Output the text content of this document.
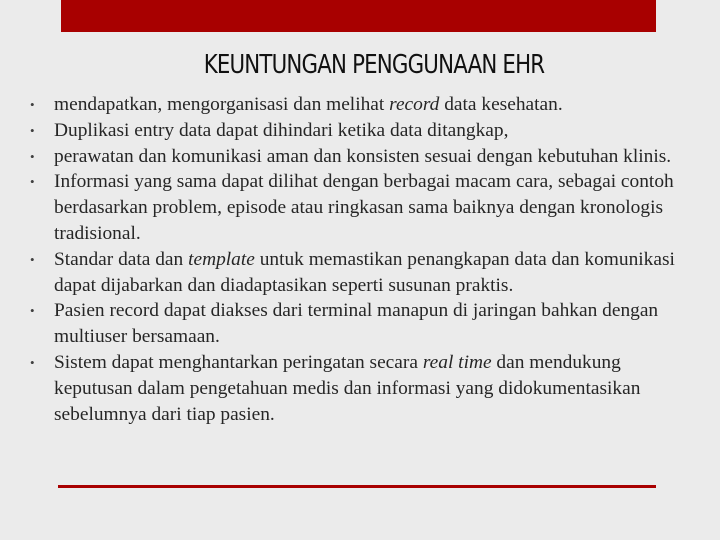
KEUNTUNGAN PENGGUNAAN EHR
• mendapatkan, mengorganisasi dan melihat record data kesehatan.
• Duplikasi entry data dapat dihindari ketika data ditangkap,
• perawatan dan komunikasi aman dan konsisten sesuai dengan kebutuhan klinis.
• Informasi yang sama dapat dilihat dengan berbagai macam cara, sebagai contoh berdasarkan problem, episode atau ringkasan sama baiknya dengan kronologis tradisional.
• Standar data dan template untuk memastikan penangkapan data dan komunikasi dapat dijabarkan dan diadaptasikan seperti susunan praktis.
• Pasien record dapat diakses dari terminal manapun di jaringan bahkan dengan multiuser bersamaan.
• Sistem dapat menghantarkan peringatan secara real time dan mendukung keputusan dalam pengetahuan medis dan informasi yang didokumentasikan sebelumnya dari tiap pasien.
